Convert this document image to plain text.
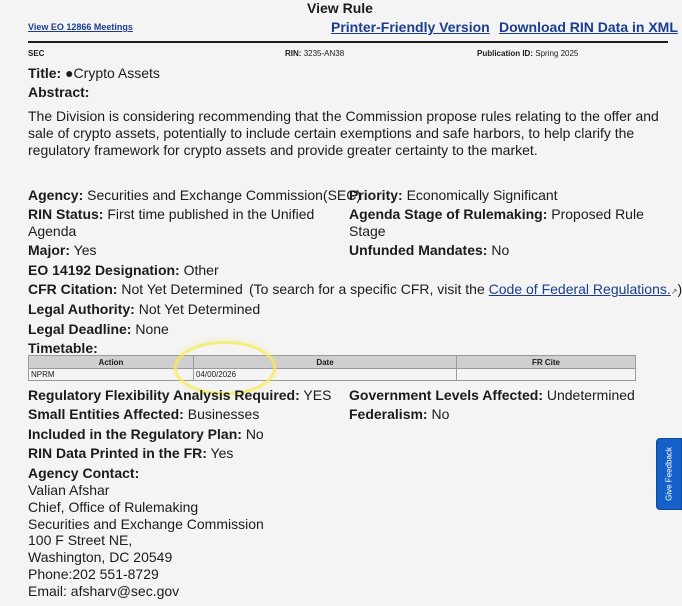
View Rule
View EO 12866 Meetings	Printer-Friendly Version Download RIN Data in XML
SEC	RIN: 3235-AN38	Publication ID: Spring 2025
Title: ●Crypto Assets
Abstract:
The Division is considering recommending that the Commission propose rules relating to the offer and sale of crypto assets, potentially to include certain exemptions and safe harbors, to help clarify the regulatory framework for crypto assets and provide greater certainty to the market.
Agency: Securities and Exchange Commission(SEC)
RIN Status: First time published in the Unified
Agenda
Major: Yes
EO 14192 Designation: Other
CFR Citation: Not Yet Determined (To search for a specific CFR, visit the Code of Federal Regulations.↗)
Legal Authority: Not Yet Determined
Legal Deadline: None
Timetable:
Priority: Economically Significant
Agenda Stage of Rulemaking: Proposed Rule
Stage
Unfunded Mandates: No
Action	Date	FR Cite
NPRM	04/00/2026	
Regulatory Flexibility Analysis Required: YES Government Levels Affected: Undetermined
Small Entities Affected: Businesses	Federalism: No
Included in the Regulatory Plan: No
RIN Data Printed in the FR: Yes
Agency Contact:
Valian Afshar
Chief, Office of Rulemaking
Securities and Exchange Commission
100 F Street NE,
Washington, DC 20549
Phone:202 551-8729
Email: afsharv@sec.gov
Give Feedback
